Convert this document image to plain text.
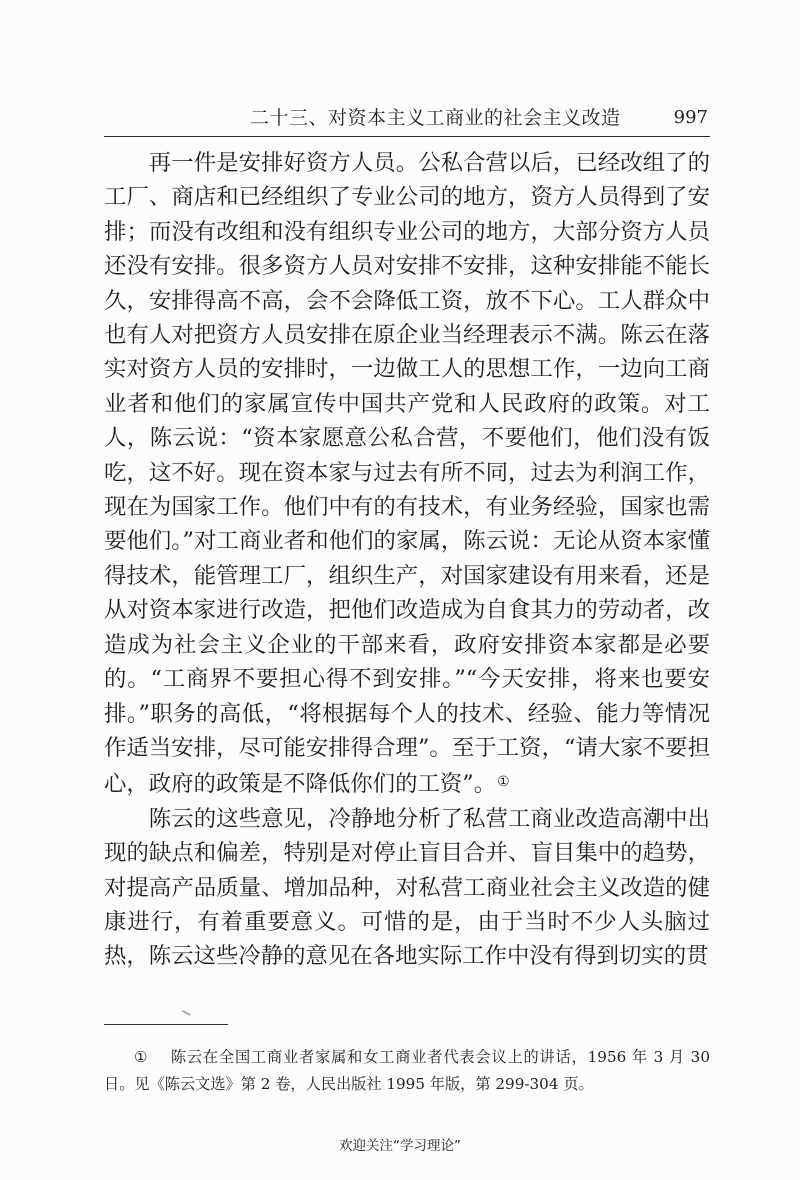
二十三、对资本主义工商业的社会主义改造	997

再一件是安排好资方人员。公私合营以后，已经改组了的工厂、商店和已经组织了专业公司的地方，资方人员得到了安排；而没有改组和没有组织专业公司的地方，大部分资方人员还没有安排。很多资方人员对安排不安排，这种安排能不能长久，安排得高不高，会不会降低工资，放不下心。工人群众中也有人对把资方人员安排在原企业当经理表示不满。陈云在落实对资方人员的安排时，一边做工人的思想工作，一边向工商业者和他们的家属宣传中国共产党和人民政府的政策。对工人，陈云说：“资本家愿意公私合营，不要他们，他们没有饭吃，这不好。现在资本家与过去有所不同，过去为利润工作，现在为国家工作。他们中有的有技术，有业务经验，国家也需要他们。”对工商业者和他们的家属，陈云说：无论从资本家懂得技术，能管理工厂，组织生产，对国家建设有用来看，还是从对资本家进行改造，把他们改造成为自食其力的劳动者，改造成为社会主义企业的干部来看，政府安排资本家都是必要的。“工商界不要担心得不到安排。”“今天安排，将来也要安排。”职务的高低，“将根据每个人的技术、经验、能力等情况作适当安排，尽可能安排得合理”。至于工资，“请大家不要担心，政府的政策是不降低你们的工资”。①

陈云的这些意见，冷静地分析了私营工商业改造高潮中出现的缺点和偏差，特别是对停止盲目合并、盲目集中的趋势，对提高产品质量、增加品种，对私营工商业社会主义改造的健康进行，有着重要意义。可惜的是，由于当时不少人头脑过热，陈云这些冷静的意见在各地实际工作中没有得到切实的贯

① 陈云在全国工商业者家属和女工商业者代表会议上的讲话，1956 年 3 月 30 日。见《陈云文选》第 2 卷，人民出版社 1995 年版，第 299-304 页。
欢迎关注“学习理论”
